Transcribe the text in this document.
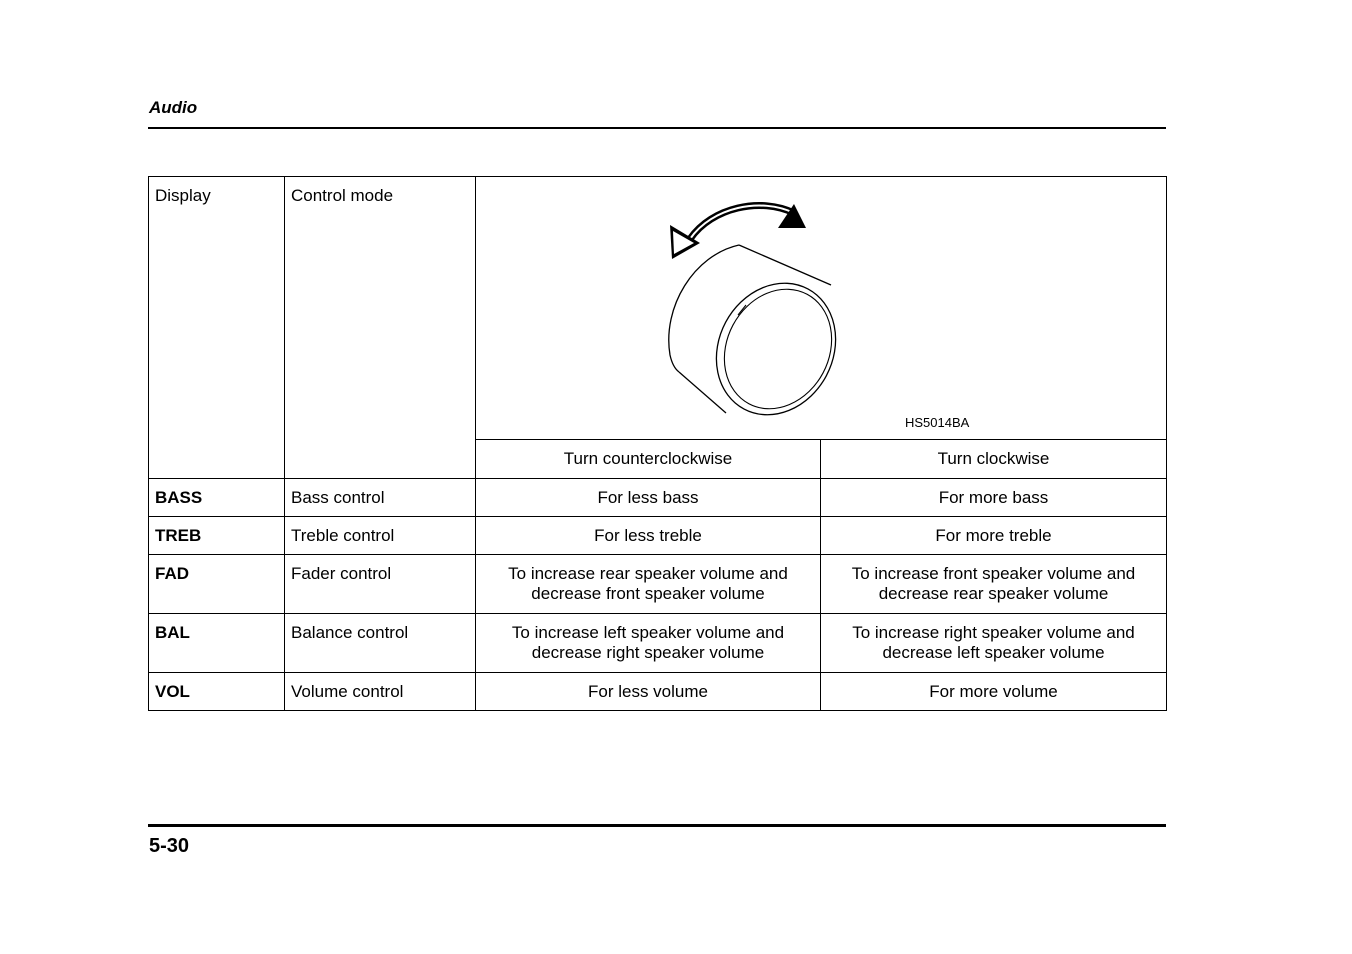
Audio
Display	Control mode	HS5014BA	

		Turn counterclockwise	Turn clockwise
BASS	Bass control	For less bass	For more bass
TREB	Treble control	For less treble	For more treble
FAD	Fader control	To increase rear speaker volume and decrease front speaker volume	To increase front speaker volume and decrease rear speaker volume
BAL	Balance control	To increase left speaker volume and decrease right speaker volume	To increase right speaker volume and decrease left speaker volume
VOL	Volume control	For less volume	For more volume
5-30
